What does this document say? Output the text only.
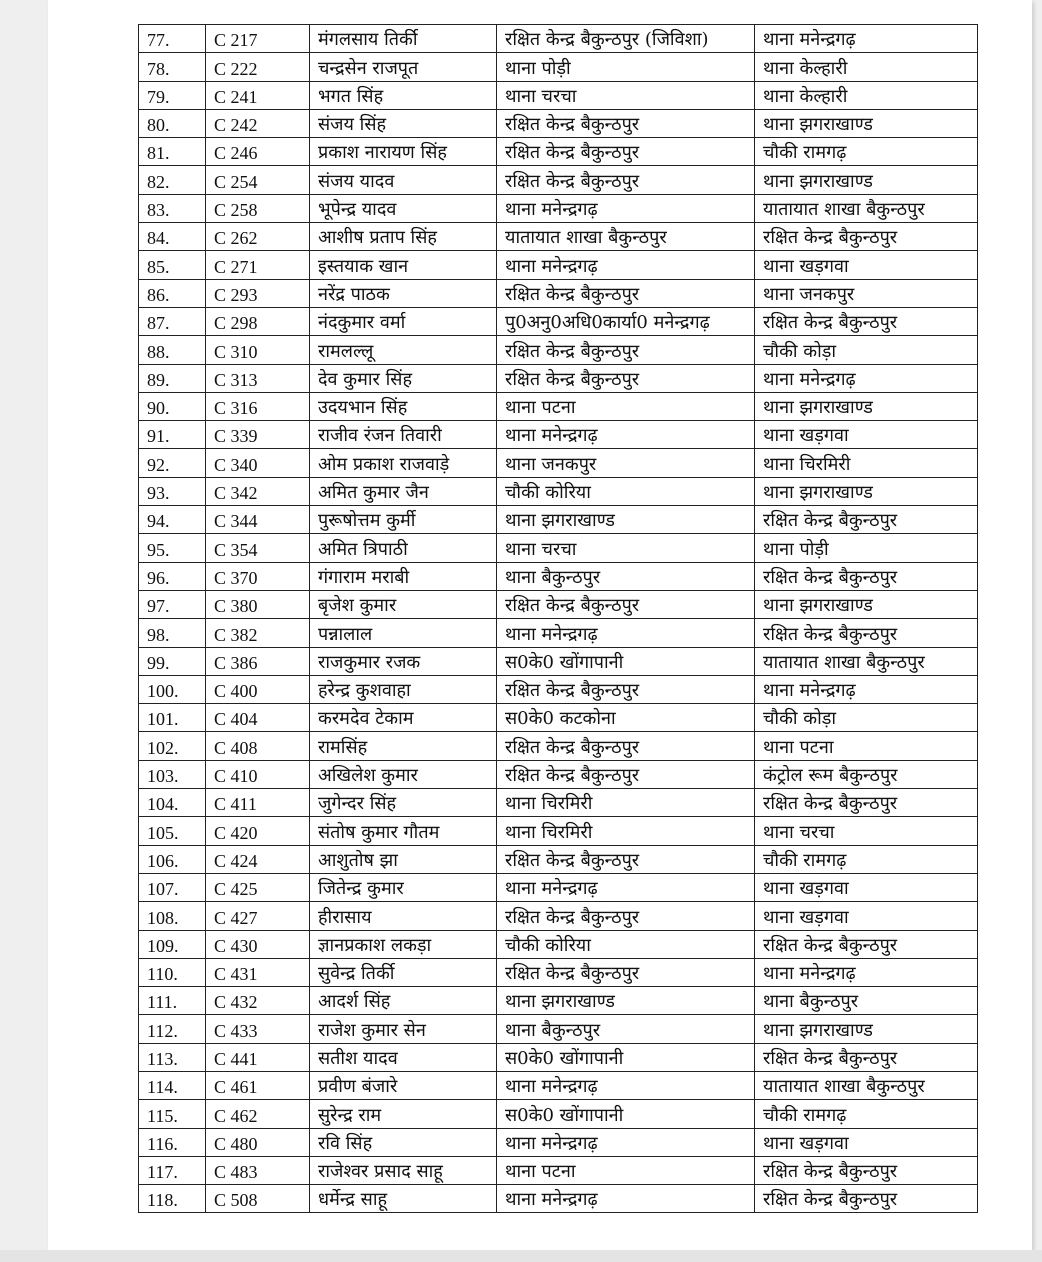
77.	C 217	मंगलसाय तिर्की	रक्षित केन्द्र बैकुन्ठपुर (जिविशा)	थाना मनेन्द्रगढ़
78.	C 222	चन्द्रसेन राजपूत	थाना पोड़ी	थाना केल्हारी
79.	C 241	भगत सिंह	थाना चरचा	थाना केल्हारी
80.	C 242	संजय सिंह	रक्षित केन्द्र बैकुन्ठपुर	थाना झगराखाण्ड
81.	C 246	प्रकाश नारायण सिंह	रक्षित केन्द्र बैकुन्ठपुर	चौकी रामगढ़
82.	C 254	संजय यादव	रक्षित केन्द्र बैकुन्ठपुर	थाना झगराखाण्ड
83.	C 258	भूपेन्द्र यादव	थाना मनेन्द्रगढ़	यातायात शाखा बैकुन्ठपुर
84.	C 262	आशीष प्रताप सिंह	यातायात शाखा बैकुन्ठपुर	रक्षित केन्द्र बैकुन्ठपुर
85.	C 271	इस्तयाक खान	थाना मनेन्द्रगढ़	थाना खड़गवा
86.	C 293	नरेंद्र पाठक	रक्षित केन्द्र बैकुन्ठपुर	थाना जनकपुर
87.	C 298	नंदकुमार वर्मा	पु0अनु0अधि0कार्या0 मनेन्द्रगढ़	रक्षित केन्द्र बैकुन्ठपुर
88.	C 310	रामलल्लू	रक्षित केन्द्र बैकुन्ठपुर	चौकी कोड़ा
89.	C 313	देव कुमार सिंह	रक्षित केन्द्र बैकुन्ठपुर	थाना मनेन्द्रगढ़
90.	C 316	उदयभान सिंह	थाना पटना	थाना झगराखाण्ड
91.	C 339	राजीव रंजन तिवारी	थाना मनेन्द्रगढ़	थाना खड़गवा
92.	C 340	ओम प्रकाश राजवाड़े	थाना जनकपुर	थाना चिरमिरी
93.	C 342	अमित कुमार जैन	चौकी कोरिया	थाना झगराखाण्ड
94.	C 344	पुरूषोत्तम कुर्मी	थाना झगराखाण्ड	रक्षित केन्द्र बैकुन्ठपुर
95.	C 354	अमित त्रिपाठी	थाना चरचा	थाना पोड़ी
96.	C 370	गंगाराम मराबी	थाना बैकुन्ठपुर	रक्षित केन्द्र बैकुन्ठपुर
97.	C 380	बृजेश कुमार	रक्षित केन्द्र बैकुन्ठपुर	थाना झगराखाण्ड
98.	C 382	पन्नालाल	थाना मनेन्द्रगढ़	रक्षित केन्द्र बैकुन्ठपुर
99.	C 386	राजकुमार रजक	स0के0 खोंगापानी	यातायात शाखा बैकुन्ठपुर
100.	C 400	हरेन्द्र कुशवाहा	रक्षित केन्द्र बैकुन्ठपुर	थाना मनेन्द्रगढ़
101.	C 404	करमदेव टेकाम	स0के0 कटकोना	चौकी कोड़ा
102.	C 408	रामसिंह	रक्षित केन्द्र बैकुन्ठपुर	थाना पटना
103.	C 410	अखिलेश कुमार	रक्षित केन्द्र बैकुन्ठपुर	कंट्रोल रूम बैकुन्ठपुर
104.	C 411	जुगेन्दर सिंह	थाना चिरमिरी	रक्षित केन्द्र बैकुन्ठपुर
105.	C 420	संतोष कुमार गौतम	थाना चिरमिरी	थाना चरचा
106.	C 424	आशुतोष झा	रक्षित केन्द्र बैकुन्ठपुर	चौकी रामगढ़
107.	C 425	जितेन्द्र कुमार	थाना मनेन्द्रगढ़	थाना खड़गवा
108.	C 427	हीरासाय	रक्षित केन्द्र बैकुन्ठपुर	थाना खड़गवा
109.	C 430	ज्ञानप्रकाश लकड़ा	चौकी कोरिया	रक्षित केन्द्र बैकुन्ठपुर
110.	C 431	सुवेन्द्र तिर्की	रक्षित केन्द्र बैकुन्ठपुर	थाना मनेन्द्रगढ़
111.	C 432	आदर्श सिंह	थाना झगराखाण्ड	थाना बैकुन्ठपुर
112.	C 433	राजेश कुमार सेन	थाना बैकुन्ठपुर	थाना झगराखाण्ड
113.	C 441	सतीश यादव	स0के0 खोंगापानी	रक्षित केन्द्र बैकुन्ठपुर
114.	C 461	प्रवीण बंजारे	थाना मनेन्द्रगढ़	यातायात शाखा बैकुन्ठपुर
115.	C 462	सुरेन्द्र राम	स0के0 खोंगापानी	चौकी रामगढ़
116.	C 480	रवि सिंह	थाना मनेन्द्रगढ़	थाना खड़गवा
117.	C 483	राजेश्वर प्रसाद साहू	थाना पटना	रक्षित केन्द्र बैकुन्ठपुर
118.	C 508	धर्मेन्द्र साहू	थाना मनेन्द्रगढ़	रक्षित केन्द्र बैकुन्ठपुर
